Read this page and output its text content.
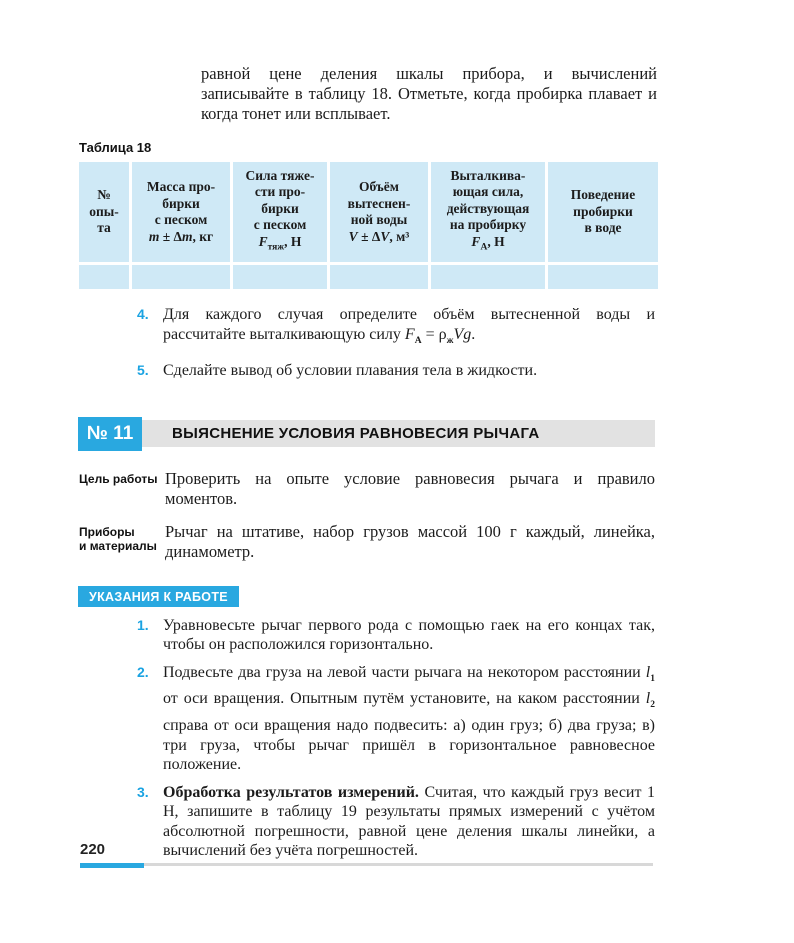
равной цене деления шкалы прибора, и вычислений записывайте в таблицу 18. Отметьте, когда пробирка плавает и когда тонет или всплывает.

Таблица 18
№
опы-
та	Масса про-
бирки
с песком
m ± Δm, кг	Сила тяже-
сти про-
бирки
с песком
$F_{тяж}$, Н	Объём
вытеснен-
ной воды
V ± ΔV, м³	Выталкива-
ющая сила,
действующая
на пробирку
$F_А$, Н	Поведение
пробирки
в воде

4. Для каждого случая определите объём вытесненной воды и рассчитайте выталкивающую силу $F_А = \rho_жVg$.
5. Сделайте вывод об условии плавания тела в жидкости.
№ 11	ВЫЯСНЕНИЕ УСЛОВИЯ РАВНОВЕСИЯ РЫЧАГА
Цель работы Проверить на опыте условие равновесия рычага и правило моментов.
Приборы
и материалы
Рычаг на штативе, набор грузов массой 100 г каждый, линейка, динамометр.
УКАЗАНИЯ К РАБОТЕ
1. Уравновесьте рычаг первого рода с помощью гаек на его концах так, чтобы он расположился горизонтально.
2. Подвесьте два груза на левой части рычага на некотором расстоянии $l_1$ от оси вращения. Опытным путём установите, на каком расстоянии $l_2$ справа от оси вращения надо подвесить: а) один груз; б) два груза; в) три груза, чтобы рычаг пришёл в горизонтальное равновесное положение.
3. Обработка результатов измерений. Считая, что каждый груз весит 1 Н, запишите в таблицу 19 результаты прямых измерений с учётом абсолютной погрешности, равной цене деления шкалы линейки, а вычислений без учёта погрешностей.
220
